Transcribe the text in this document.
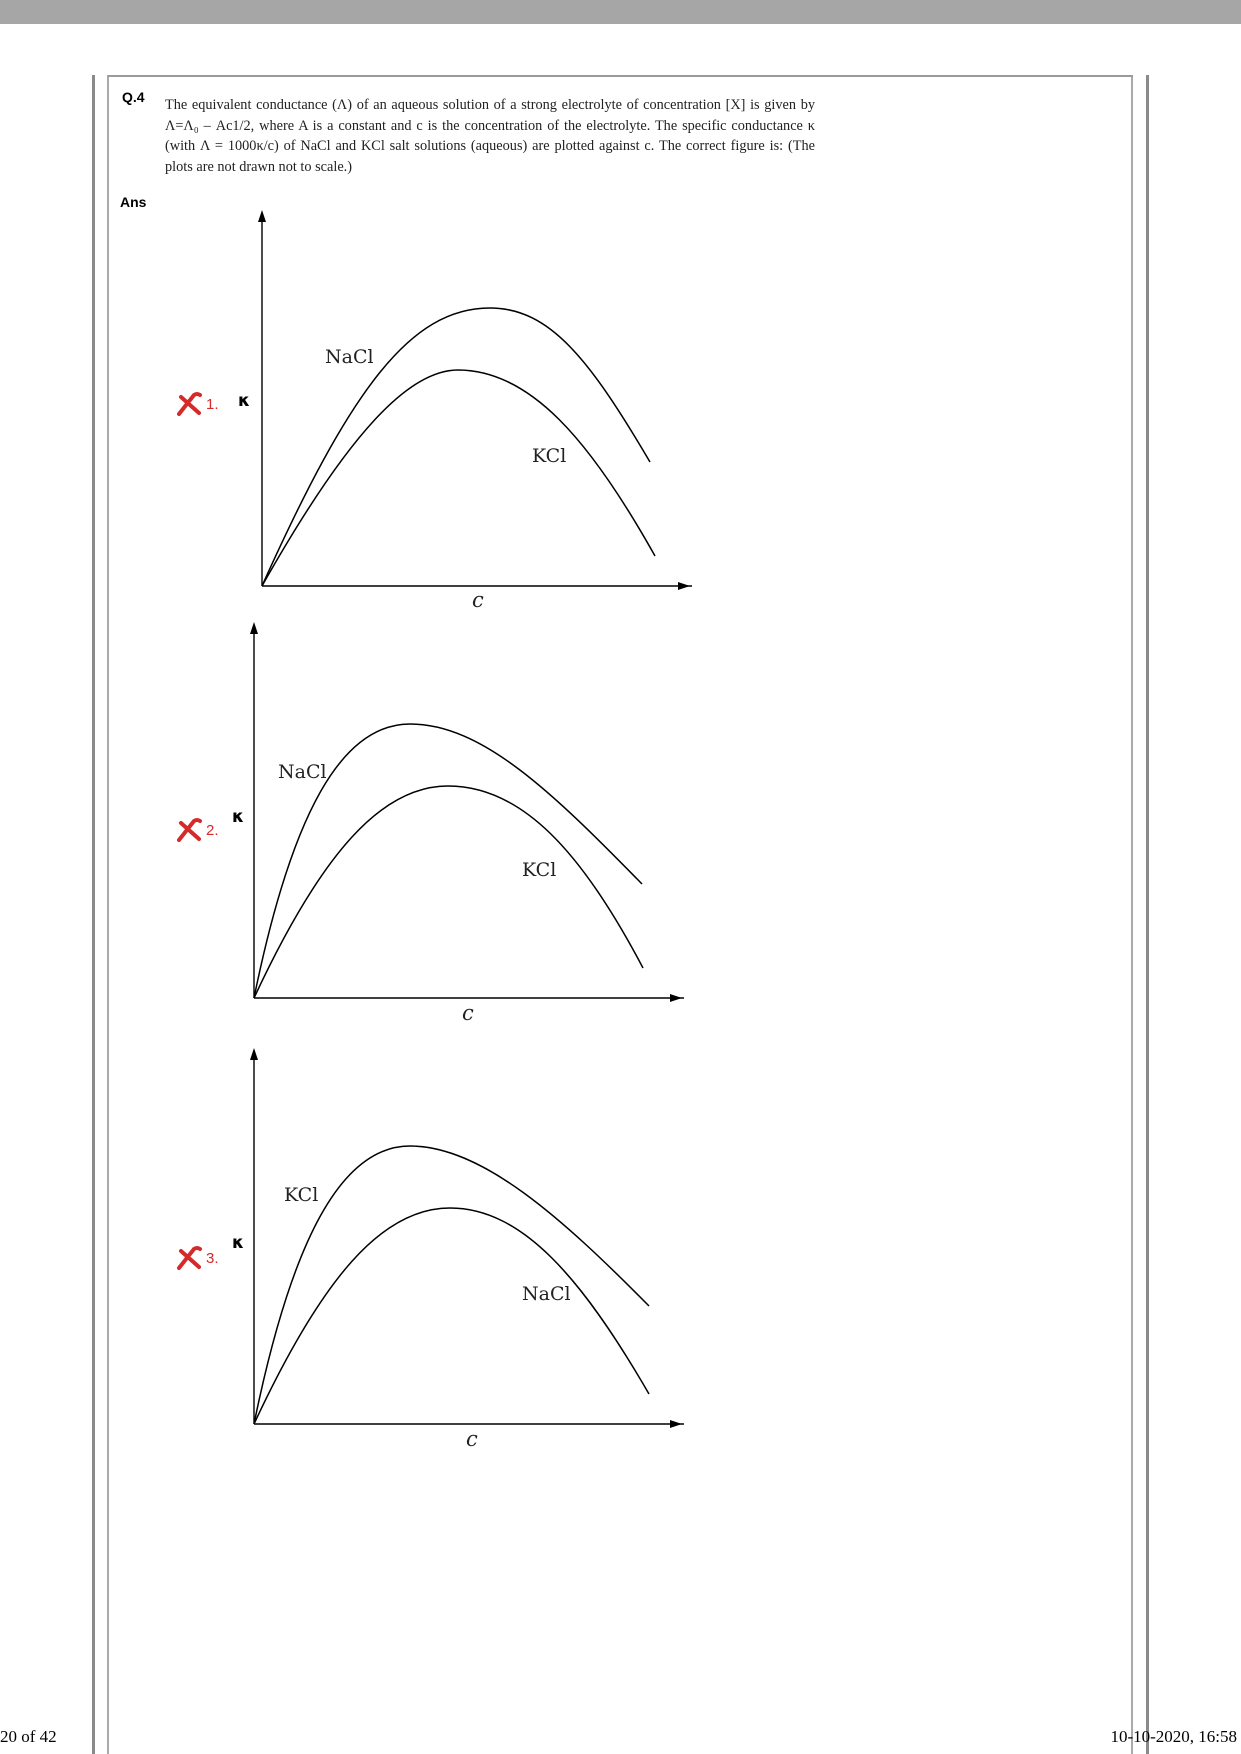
Q.4 The equivalent conductance (Λ) of an aqueous solution of a strong electrolyte of concentration [X] is given by Λ=Λ₀ – Ac1/2, where A is a constant and c is the concentration of the electrolyte. The specific conductance κ (with Λ = 1000κ/c) of NaCl and KCl salt solutions (aqueous) are plotted against c. The correct figure is: (The plots are not drawn not to scale.)
Ans
1.
NaCl
KCl
κ
c
2.
NaCl
KCl
κ
c
3.
KCl
NaCl
κ
c
20 of 42	10-10-2020, 16:58
